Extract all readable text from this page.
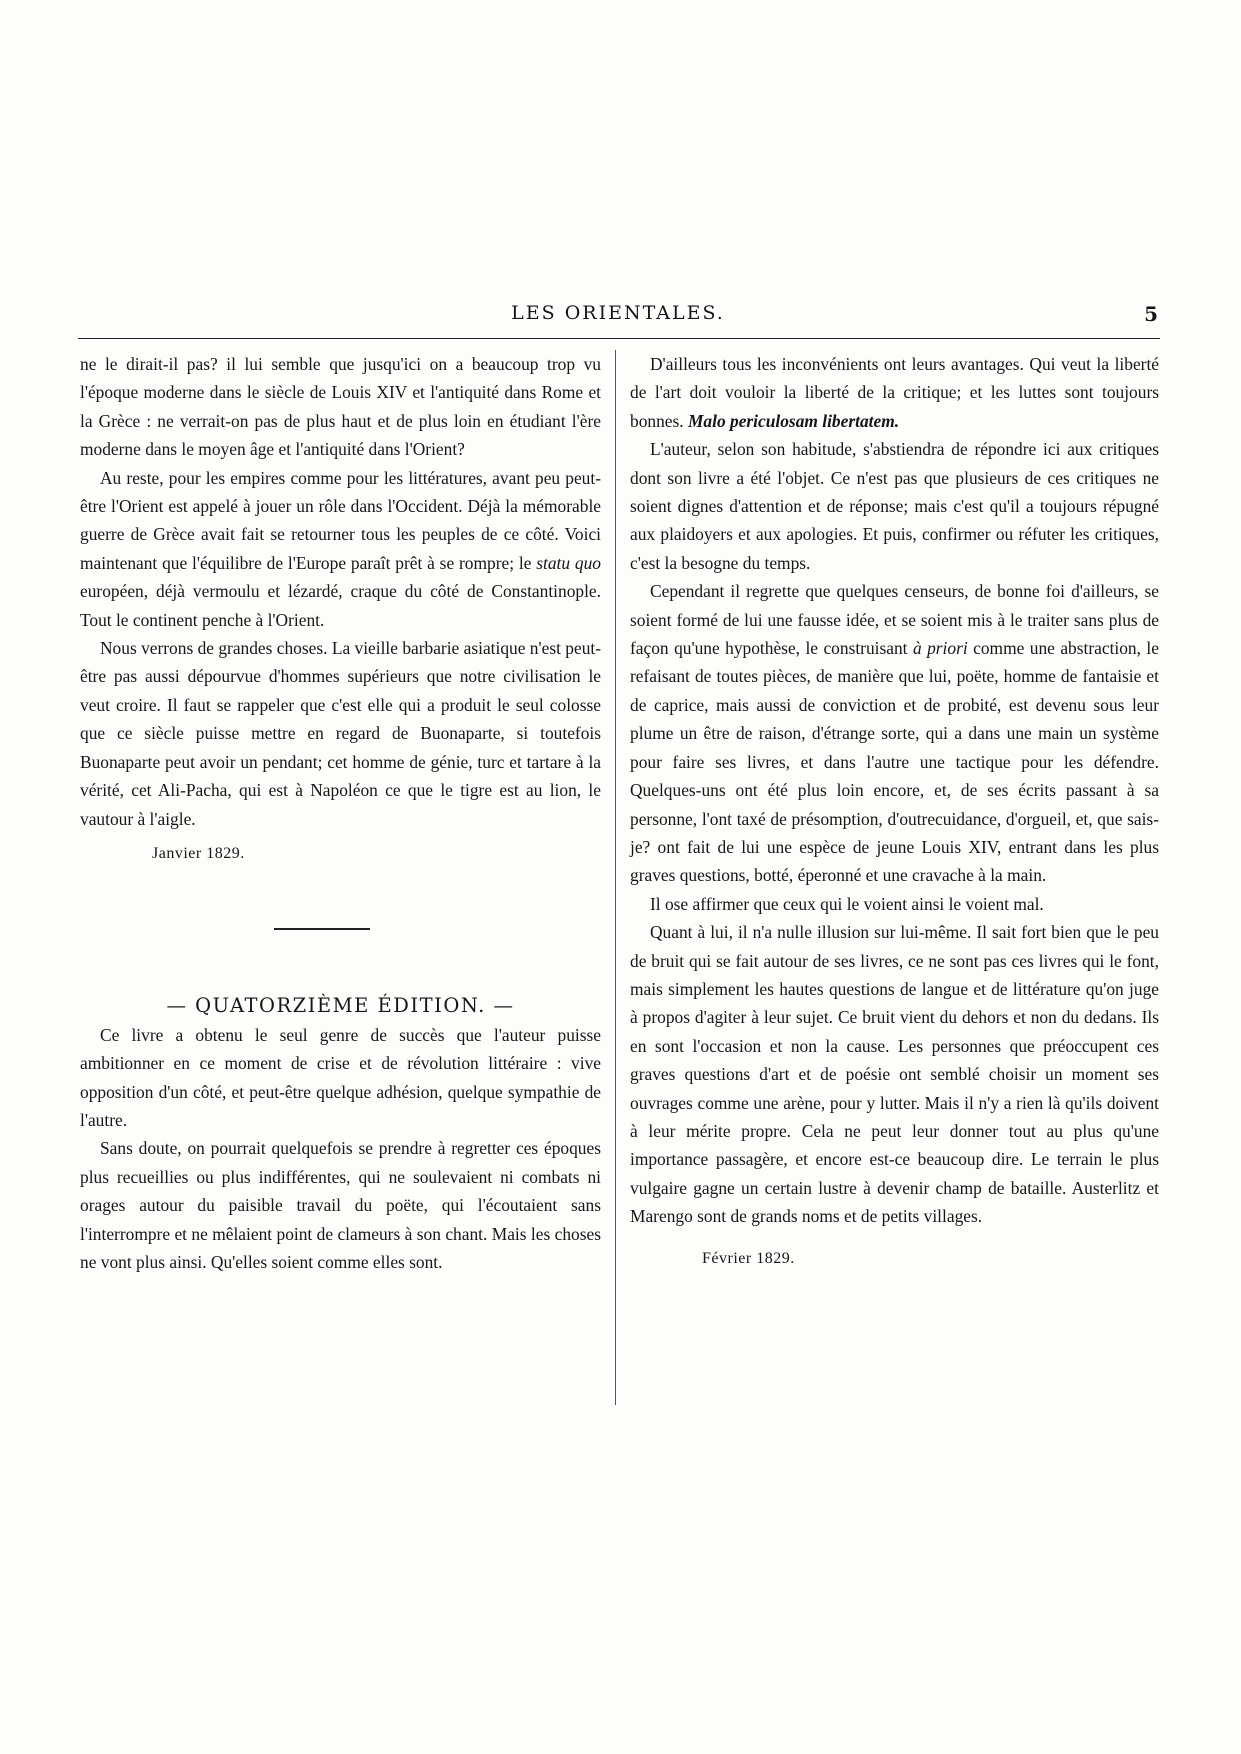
LES ORIENTALES.	5

ne le dirait-il pas? il lui semble que jusqu'ici on a beaucoup trop vu l'époque moderne dans le siècle de Louis XIV et l'antiquité dans Rome et la Grèce : ne verrait-on pas de plus haut et de plus loin en étudiant l'ère moderne dans le moyen âge et l'antiquité dans l'Orient?

Au reste, pour les empires comme pour les littératures, avant peu peut-être l'Orient est appelé à jouer un rôle dans l'Occident. Déjà la mémorable guerre de Grèce avait fait se retourner tous les peuples de ce côté. Voici maintenant que l'équilibre de l'Europe paraît prêt à se rompre; le statu quo européen, déjà vermoulu et lézardé, craque du côté de Constantinople. Tout le continent penche à l'Orient.

Nous verrons de grandes choses. La vieille barbarie asiatique n'est peut-être pas aussi dépourvue d'hommes supérieurs que notre civilisation le veut croire. Il faut se rappeler que c'est elle qui a produit le seul colosse que ce siècle puisse mettre en regard de Buonaparte, si toutefois Buonaparte peut avoir un pendant; cet homme de génie, turc et tartare à la vérité, cet Ali-Pacha, qui est à Napoléon ce que le tigre est au lion, le vautour à l'aigle.

Janvier 1829.
— QUATORZIÈME ÉDITION. —

Ce livre a obtenu le seul genre de succès que l'auteur puisse ambitionner en ce moment de crise et de révolution littéraire : vive opposition d'un côté, et peut-être quelque adhésion, quelque sympathie de l'autre.

Sans doute, on pourrait quelquefois se prendre à regretter ces époques plus recueillies ou plus indifférentes, qui ne soulevaient ni combats ni orages autour du paisible travail du poëte, qui l'écoutaient sans l'interrompre et ne mêlaient point de clameurs à son chant. Mais les choses ne vont plus ainsi. Qu'elles soient comme elles sont.

D'ailleurs tous les inconvénients ont leurs avantages. Qui veut la liberté de l'art doit vouloir la liberté de la critique; et les luttes sont toujours bonnes. Malo periculosam libertatem.

L'auteur, selon son habitude, s'abstiendra de répondre ici aux critiques dont son livre a été l'objet. Ce n'est pas que plusieurs de ces critiques ne soient dignes d'attention et de réponse; mais c'est qu'il a toujours répugné aux plaidoyers et aux apologies. Et puis, confirmer ou réfuter les critiques, c'est la besogne du temps.

Cependant il regrette que quelques censeurs, de bonne foi d'ailleurs, se soient formé de lui une fausse idée, et se soient mis à le traiter sans plus de façon qu'une hypothèse, le construisant à priori comme une abstraction, le refaisant de toutes pièces, de manière que lui, poëte, homme de fantaisie et de caprice, mais aussi de conviction et de probité, est devenu sous leur plume un être de raison, d'étrange sorte, qui a dans une main un système pour faire ses livres, et dans l'autre une tactique pour les défendre. Quelques-uns ont été plus loin encore, et, de ses écrits passant à sa personne, l'ont taxé de présomption, d'outrecuidance, d'orgueil, et, que sais-je? ont fait de lui une espèce de jeune Louis XIV, entrant dans les plus graves questions, botté, éperonné et une cravache à la main.

Il ose affirmer que ceux qui le voient ainsi le voient mal.

Quant à lui, il n'a nulle illusion sur lui-même. Il sait fort bien que le peu de bruit qui se fait autour de ses livres, ce ne sont pas ces livres qui le font, mais simplement les hautes questions de langue et de littérature qu'on juge à propos d'agiter à leur sujet. Ce bruit vient du dehors et non du dedans. Ils en sont l'occasion et non la cause. Les personnes que préoccupent ces graves questions d'art et de poésie ont semblé choisir un moment ses ouvrages comme une arène, pour y lutter. Mais il n'y a rien là qu'ils doivent à leur mérite propre. Cela ne peut leur donner tout au plus qu'une importance passagère, et encore est-ce beaucoup dire. Le terrain le plus vulgaire gagne un certain lustre à devenir champ de bataille. Austerlitz et Marengo sont de grands noms et de petits villages.

Février 1829.
